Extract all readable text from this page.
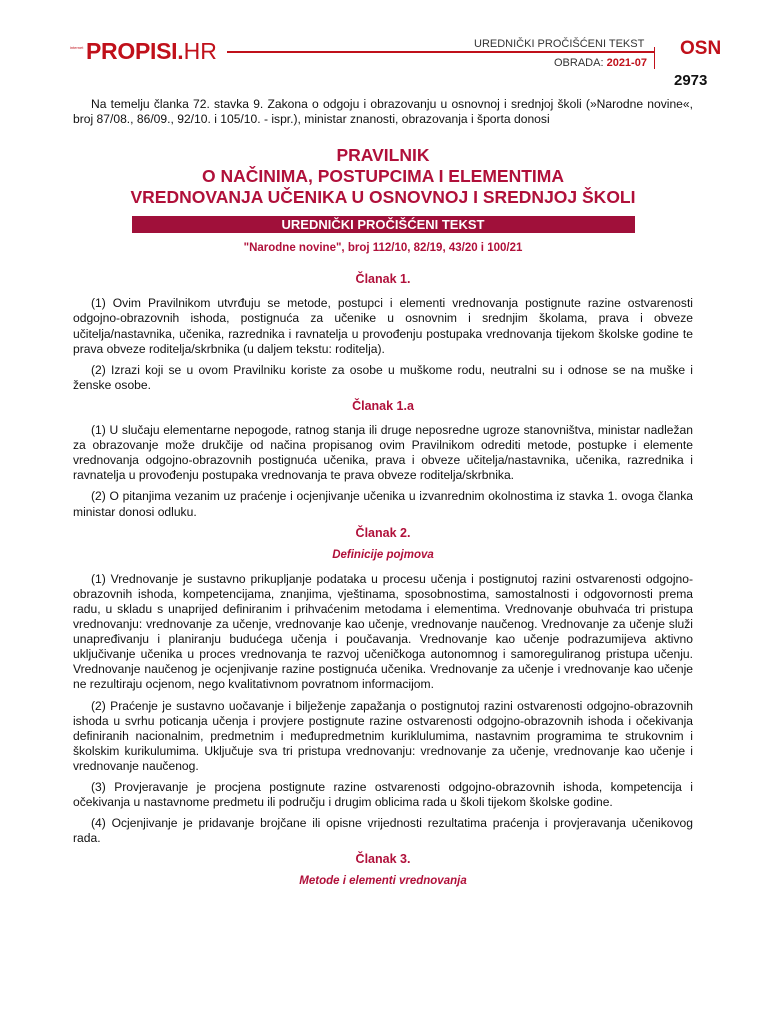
internet PROPISI . HR	UREDNIČKI PROČIŠĆENI TEKST
OBRADA: 2021-07
OSN
2973

Na temelju članka 72. stavka 9. Zakona o odgoju i obrazovanju u osnovnoj i srednjoj školi (»Narodne novine«, broj 87/08., 86/09., 92/10. i 105/10. - ispr.), ministar znanosti, obrazovanja i športa donosi

PRAVILNIK
O NAČINIMA, POSTUPCIMA I ELEMENTIMA
VREDNOVANJA UČENIKA U OSNOVNOJ I SREDNJOJ ŠKOLI
UREDNIČKI PROČIŠĆENI TEKST
"Narodne novine", broj 112/10, 82/19, 43/20 i 100/21
Članak 1.

(1) Ovim Pravilnikom utvrđuju se metode, postupci i elementi vrednovanja postignute razine ostvarenosti odgojno-obrazovnih ishoda, postignuća za učenike u osnovnim i srednjim školama, prava i obveze učitelja/nastavnika, učenika, razrednika i ravnatelja u provođenju postupaka vrednovanja tijekom školske godine te prava obveze roditelja/skrbnika (u daljem tekstu: roditelja).

(2) Izrazi koji se u ovom Pravilniku koriste za osobe u muškome rodu, neutralni su i odnose se na muške i ženske osobe.

Članak 1.a

(1) U slučaju elementarne nepogode, ratnog stanja ili druge neposredne ugroze stanovništva, ministar nadležan za obrazovanje može drukčije od načina propisanog ovim Pravilnikom odrediti metode, postupke i elemente vrednovanja odgojno-obrazovnih postignuća učenika, prava i obveze učitelja/nastavnika, učenika, razrednika i ravnatelja u provođenju postupaka vrednovanja te prava obveze roditelja/skrbnika.

(2) O pitanjima vezanim uz praćenje i ocjenjivanje učenika u izvanrednim okolnostima iz stavka 1. ovoga članka ministar donosi odluku.

Članak 2.
Definicije pojmova

(1) Vrednovanje je sustavno prikupljanje podataka u procesu učenja i postignutoj razini ostvarenosti odgojno-obrazovnih ishoda, kompetencijama, znanjima, vještinama, sposobnostima, samostalnosti i odgovornosti prema radu, u skladu s unaprijed definiranim i prihvaćenim metodama i elementima. Vrednovanje obuhvaća tri pristupa vrednovanju: vrednovanje za učenje, vrednovanje kao učenje, vrednovanje naučenog. Vrednovanje za učenje služi unapređivanju i planiranju budućega učenja i poučavanja. Vrednovanje kao učenje podrazumijeva aktivno uključivanje učenika u proces vrednovanja te razvoj učeničkoga autonomnog i samoreguliranog pristupa učenju. Vrednovanje naučenog je ocjenjivanje razine postignuća učenika. Vrednovanje za učenje i vrednovanje kao učenje ne rezultiraju ocjenom, nego kvalitativnom povratnom informacijom.

(2) Praćenje je sustavno uočavanje i bilježenje zapažanja o postignutoj razini ostvarenosti odgojno-obrazovnih ishoda u svrhu poticanja učenja i provjere postignute razine ostvarenosti odgojno-obrazovnih ishoda i očekivanja definiranih nacionalnim, predmetnim i međupredmetnim kuriklulumima, nastavnim programima te strukovnim i školskim kurikulumima. Uključuje sva tri pristupa vrednovanju: vrednovanje za učenje, vrednovanje kao učenje i vrednovanje naučenog.

(3) Provjeravanje je procjena postignute razine ostvarenosti odgojno-obrazovnih ishoda, kompetencija i očekivanja u nastavnome predmetu ili području i drugim oblicima rada u školi tijekom školske godine.

(4) Ocjenjivanje je pridavanje brojčane ili opisne vrijednosti rezultatima praćenja i provjeravanja učenikovog rada.

Članak 3.
Metode i elementi vrednovanja
